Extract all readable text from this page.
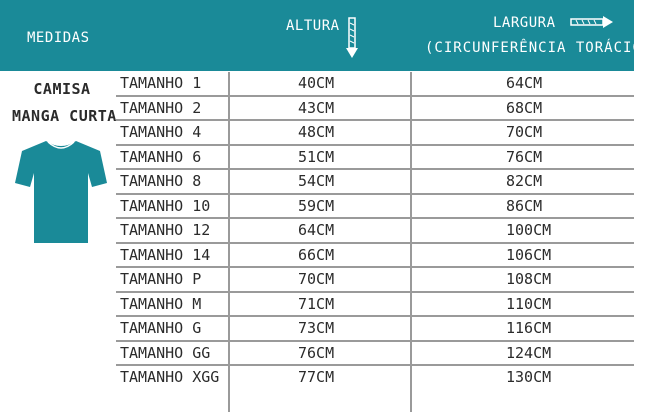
MEDIDAS
ALTURA	LARGURA
(CIRCUNFERÊNCIA TORÁCICA)
CAMISA
MANGA CURTA
TAMANHO 1	40CM	64CM
TAMANHO 2	43CM	68CM
TAMANHO 4	48CM	70CM
TAMANHO 6	51CM	76CM
TAMANHO 8	54CM	82CM
TAMANHO 10	59CM	86CM
TAMANHO 12	64CM	100CM
TAMANHO 14	66CM	106CM
TAMANHO P	70CM	108CM
TAMANHO M	71CM	110CM
TAMANHO G	73CM	116CM
TAMANHO GG	76CM	124CM
TAMANHO XGG	77CM	130CM
